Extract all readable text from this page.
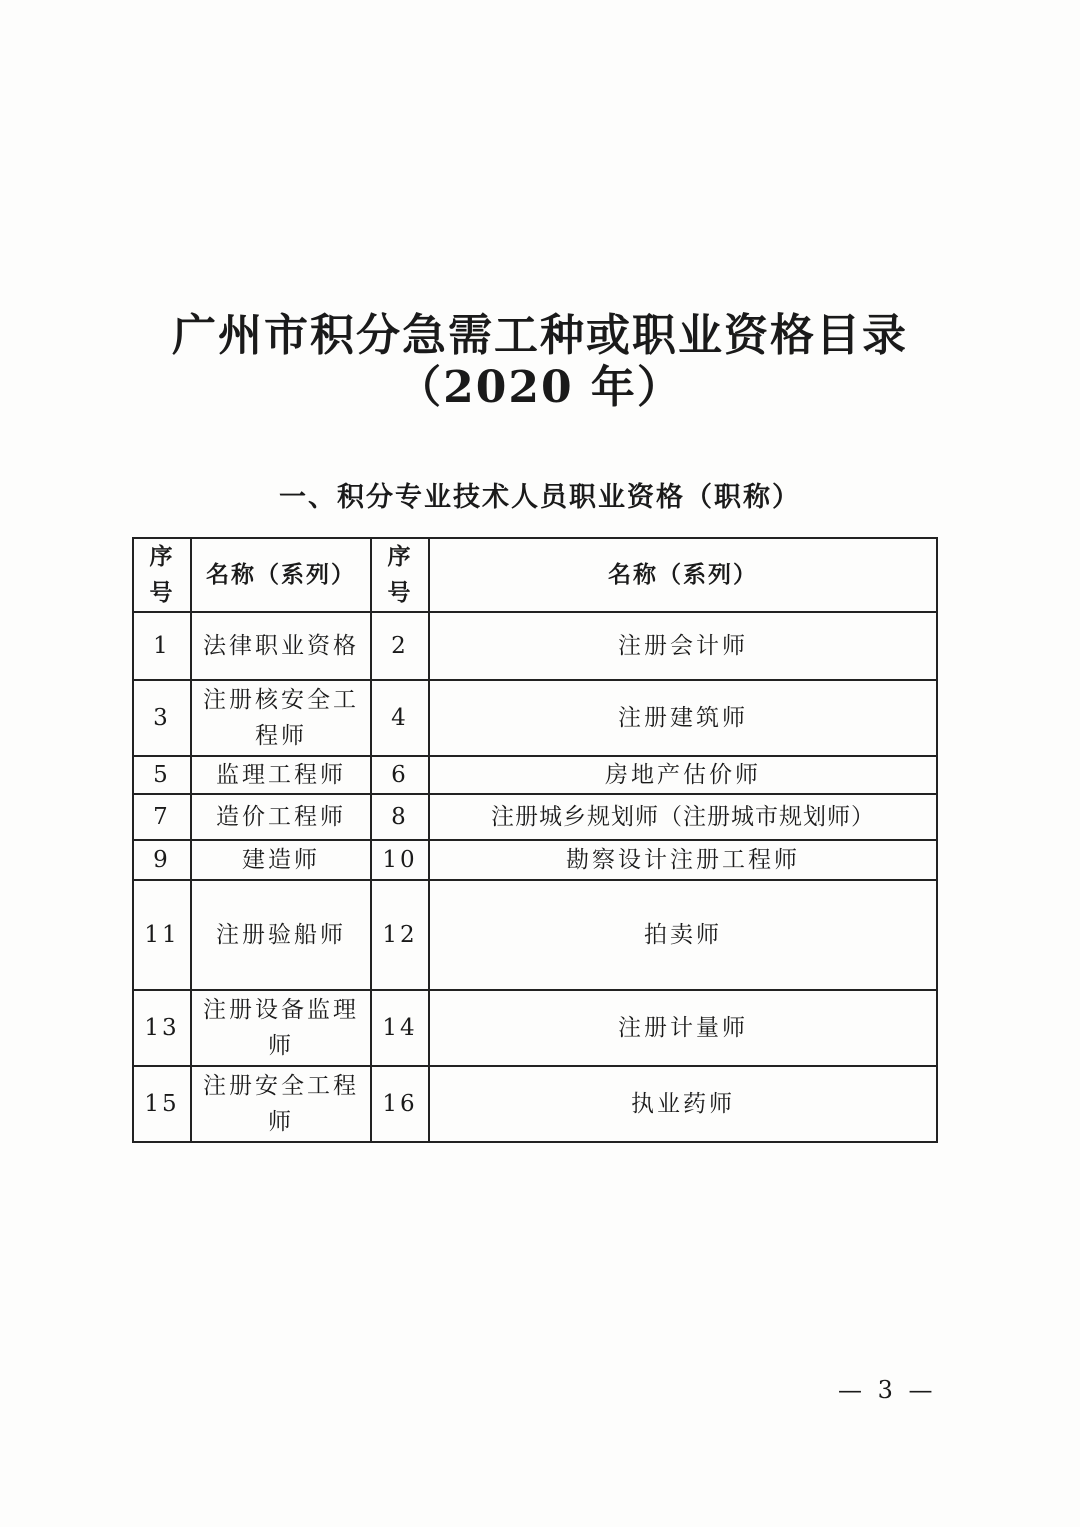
广州市积分急需工种或职业资格目录
（2020 年）
一、积分专业技术人员职业资格（职称）
序号	名称（系列）	序号	名称（系列）
1	法律职业资格	2	注册会计师
3	注册核安全工程师	4	注册建筑师
5	监理工程师	6	房地产估价师
7	造价工程师	8	注册城乡规划师（注册城市规划师）
9	建造师	10	勘察设计注册工程师
11	注册验船师	12	拍卖师
13	注册设备监理师	14	注册计量师
15	注册安全工程师	16	执业药师
— 3 —
